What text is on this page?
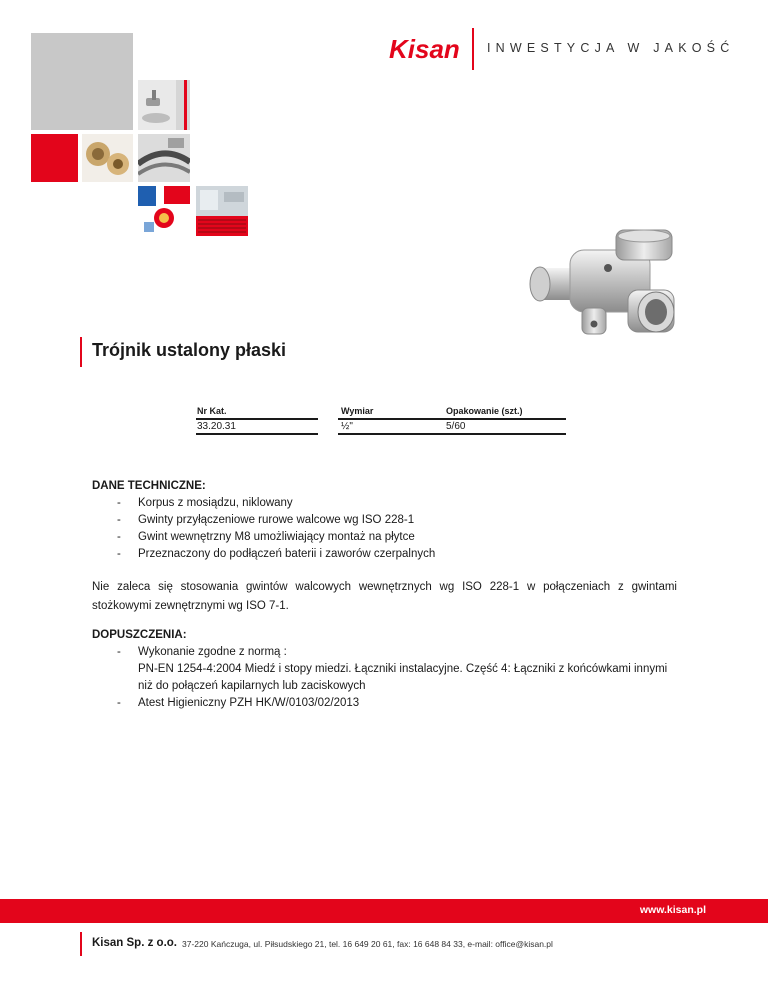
Kisan INWESTYCJA W JAKOŚĆ
Trójnik ustalony płaski
Nr Kat.	Wymiar	Opakowanie (szt.)
33.20.31	½"	5/60
DANE TECHNICZNE:
- Korpus z mosiądzu, niklowany
- Gwinty przyłączeniowe rurowe walcowe wg ISO 228-1
- Gwint wewnętrzny M8 umożliwiający montaż na płytce
- Przeznaczony do podłączeń baterii i zaworów czerpalnych
Nie zaleca się stosowania gwintów walcowych wewnętrznych wg ISO 228-1 w połączeniach z gwintami stożkowymi zewnętrznymi wg ISO 7-1.
DOPUSZCZENIA:
- Wykonanie zgodne z normą :
PN-EN 1254-4:2004 Miedź i stopy miedzi. Łączniki instalacyjne. Część 4: Łączniki z końcówkami innymi
niż do połączeń kapilarnych lub zaciskowych
- Atest Higieniczny PZH HK/W/0103/02/2013
www.kisan.pl
Kisan Sp. z o.o. 37-220 Kańczuga, ul. Piłsudskiego 21, tel. 16 649 20 61, fax: 16 648 84 33, e-mail: office@kisan.pl
